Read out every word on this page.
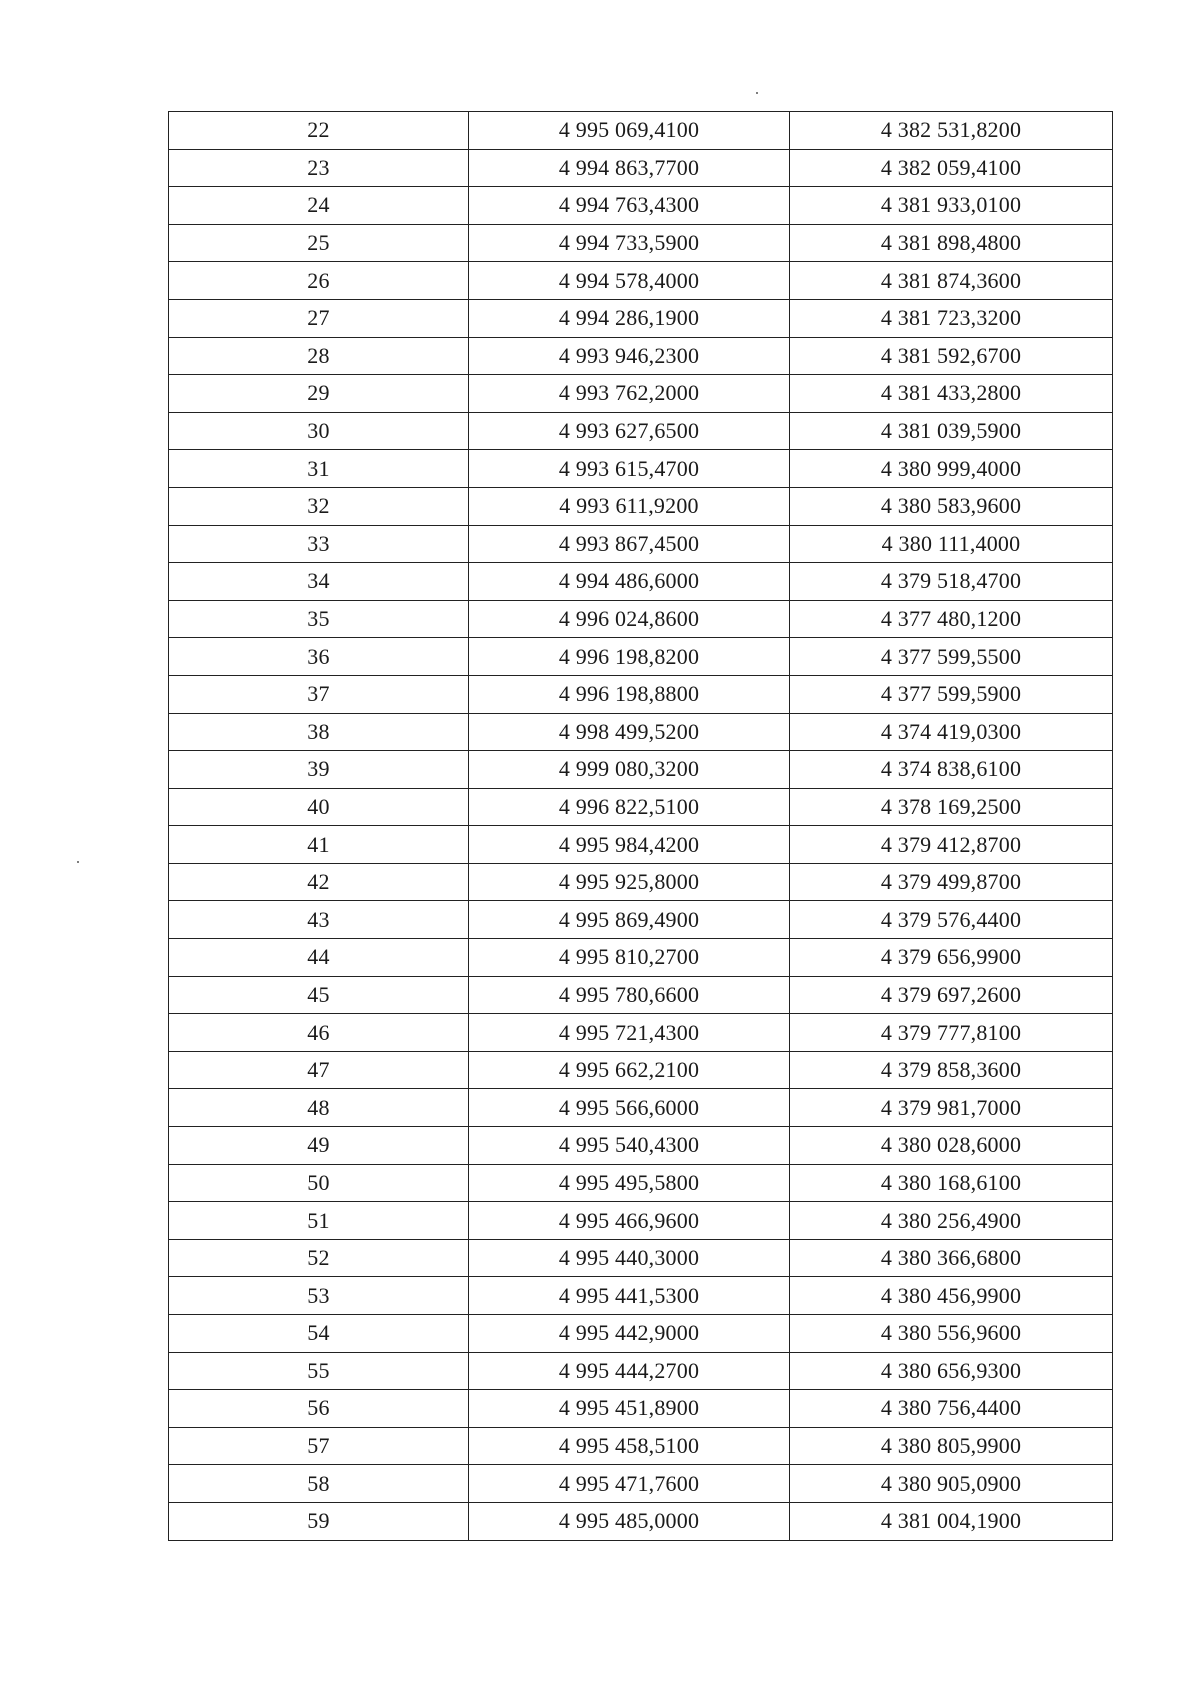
22	4 995 069,4100	4 382 531,8200
23	4 994 863,7700	4 382 059,4100
24	4 994 763,4300	4 381 933,0100
25	4 994 733,5900	4 381 898,4800
26	4 994 578,4000	4 381 874,3600
27	4 994 286,1900	4 381 723,3200
28	4 993 946,2300	4 381 592,6700
29	4 993 762,2000	4 381 433,2800
30	4 993 627,6500	4 381 039,5900
31	4 993 615,4700	4 380 999,4000
32	4 993 611,9200	4 380 583,9600
33	4 993 867,4500	4 380 111,4000
34	4 994 486,6000	4 379 518,4700
35	4 996 024,8600	4 377 480,1200
36	4 996 198,8200	4 377 599,5500
37	4 996 198,8800	4 377 599,5900
38	4 998 499,5200	4 374 419,0300
39	4 999 080,3200	4 374 838,6100
40	4 996 822,5100	4 378 169,2500
41	4 995 984,4200	4 379 412,8700
42	4 995 925,8000	4 379 499,8700
43	4 995 869,4900	4 379 576,4400
44	4 995 810,2700	4 379 656,9900
45	4 995 780,6600	4 379 697,2600
46	4 995 721,4300	4 379 777,8100
47	4 995 662,2100	4 379 858,3600
48	4 995 566,6000	4 379 981,7000
49	4 995 540,4300	4 380 028,6000
50	4 995 495,5800	4 380 168,6100
51	4 995 466,9600	4 380 256,4900
52	4 995 440,3000	4 380 366,6800
53	4 995 441,5300	4 380 456,9900
54	4 995 442,9000	4 380 556,9600
55	4 995 444,2700	4 380 656,9300
56	4 995 451,8900	4 380 756,4400
57	4 995 458,5100	4 380 805,9900
58	4 995 471,7600	4 380 905,0900
59	4 995 485,0000	4 381 004,1900
